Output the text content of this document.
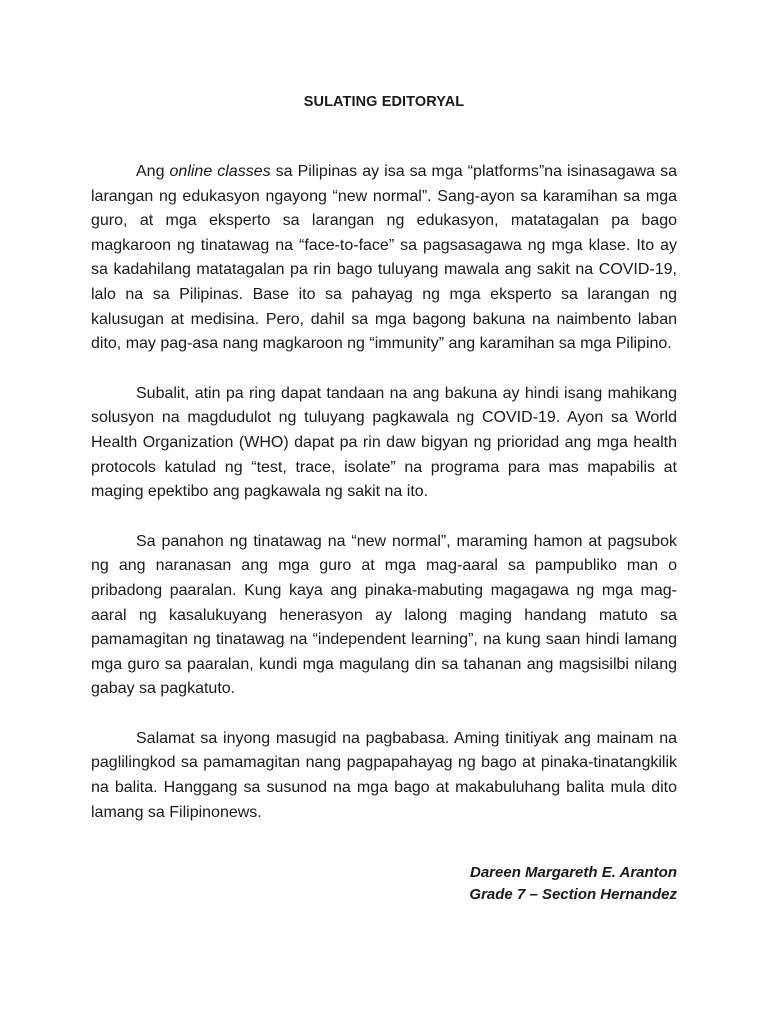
SULATING EDITORYAL

Ang online classes sa Pilipinas ay isa sa mga “platforms”na isinasagawa sa larangan ng edukasyon ngayong “new normal”. Sang-ayon sa karamihan sa mga guro, at mga eksperto sa larangan ng edukasyon, matatagalan pa bago magkaroon ng tinatawag na “face-to-face” sa pagsasagawa ng mga klase. Ito ay sa kadahilang matatagalan pa rin bago tuluyang mawala ang sakit na COVID-19, lalo na sa Pilipinas. Base ito sa pahayag ng mga eksperto sa larangan ng kalusugan at medisina. Pero, dahil sa mga bagong bakuna na naimbento laban dito, may pag-asa nang magkaroon ng “immunity” ang karamihan sa mga Pilipino.

Subalit, atin pa ring dapat tandaan na ang bakuna ay hindi isang mahikang solusyon na magdudulot ng tuluyang pagkawala ng COVID-19. Ayon sa World Health Organization (WHO) dapat pa rin daw bigyan ng prioridad ang mga health protocols katulad ng “test, trace, isolate” na programa para mas mapabilis at maging epektibo ang pagkawala ng sakit na ito.

Sa panahon ng tinatawag na “new normal”, maraming hamon at pagsubok ng ang naranasan ang mga guro at mga mag-aaral sa pampubliko man o pribadong paaralan. Kung kaya ang pinaka-mabuting magagawa ng mga mag-aaral ng kasalukuyang henerasyon ay lalong maging handang matuto sa pamamagitan ng tinatawag na “independent learning”, na kung saan hindi lamang mga guro sa paaralan, kundi mga magulang din sa tahanan ang magsisilbi nilang gabay sa pagkatuto.

Salamat sa inyong masugid na pagbabasa. Aming tinitiyak ang mainam na paglilingkod sa pamamagitan nang pagpapahayag ng bago at pinaka-tinatangkilik na balita. Hanggang sa susunod na mga bago at makabuluhang balita mula dito lamang sa Filipinonews.

Dareen Margareth E. Aranton
Grade 7 – Section Hernandez
